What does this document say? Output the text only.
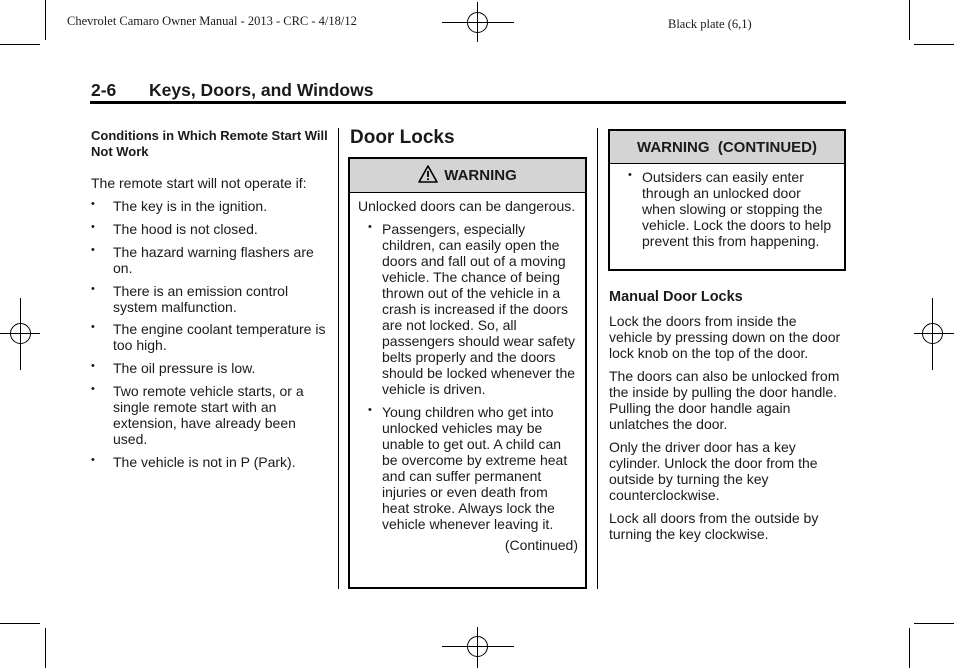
Chevrolet Camaro Owner Manual - 2013 - CRC - 4/18/12	Black plate (6,1)
2-6 Keys, Doors, and Windows

Conditions in Which Remote Start Will Not Work

The remote start will not operate if:

• The key is in the ignition.
• The hood is not closed.
• The hazard warning flashers are on.
• There is an emission control system malfunction.
• The engine coolant temperature is too high.
• The oil pressure is low.
• Two remote vehicle starts, or a single remote start with an extension, have already been used.
• The vehicle is not in P (Park).
Door Locks
WARNING

Unlocked doors can be dangerous.

• Passengers, especially children, can easily open the doors and fall out of a moving vehicle. The chance of being thrown out of the vehicle in a crash is increased if the doors are not locked. So, all passengers should wear safety belts properly and the doors should be locked whenever the vehicle is driven.
• Young children who get into unlocked vehicles may be unable to get out. A child can be overcome by extreme heat and can suffer permanent injuries or even death from heat stroke. Always lock the vehicle whenever leaving it.

(Continued)

WARNING  (CONTINUED)
• Outsiders can easily enter through an unlocked door when slowing or stopping the vehicle. Lock the doors to help prevent this from happening.

Manual Door Locks

Lock the doors from inside the vehicle by pressing down on the door lock knob on the top of the door.

The doors can also be unlocked from the inside by pulling the door handle. Pulling the door handle again unlatches the door.

Only the driver door has a key cylinder. Unlock the door from the outside by turning the key counterclockwise.

Lock all doors from the outside by turning the key clockwise.
